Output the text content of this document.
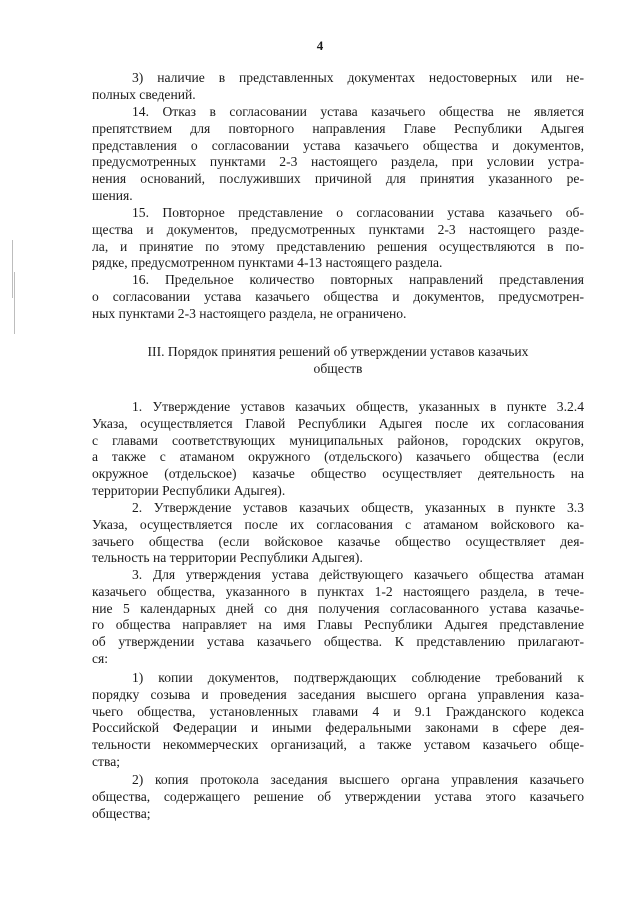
4
3) наличие в представленных документах недостоверных или не-
полных сведений.
14. Отказ в согласовании устава казачьего общества не является
препятствием для повторного направления Главе Республики Адыгея
представления о согласовании устава казачьего общества и документов,
предусмотренных пунктами 2-3 настоящего раздела, при условии устра-
нения оснований, послуживших причиной для принятия указанного ре-
шения.
15. Повторное представление о согласовании устава казачьего об-
щества и документов, предусмотренных пунктами 2-3 настоящего разде-
ла, и принятие по этому представлению решения осуществляются в по-
рядке, предусмотренном пунктами 4-13 настоящего раздела.
16. Предельное количество повторных направлений представления
о согласовании устава казачьего общества и документов, предусмотрен-
ных пунктами 2-3 настоящего раздела, не ограничено.
III. Порядок принятия решений об утверждении уставов казачьих
обществ
1. Утверждение уставов казачьих обществ, указанных в пункте 3.2.4
Указа, осуществляется Главой Республики Адыгея после их согласования
с главами соответствующих муниципальных районов, городских округов,
а также с атаманом окружного (отдельского) казачьего общества (если
окружное (отдельское) казачье общество осуществляет деятельность на
территории Республики Адыгея).
2. Утверждение уставов казачьих обществ, указанных в пункте 3.3
Указа, осуществляется после их согласования с атаманом войскового ка-
зачьего общества (если войсковое казачье общество осуществляет дея-
тельность на территории Республики Адыгея).
3. Для утверждения устава действующего казачьего общества атаман
казачьего общества, указанного в пунктах 1-2 настоящего раздела, в тече-
ние 5 календарных дней со дня получения согласованного устава казачье-
го общества направляет на имя Главы Республики Адыгея представление
об утверждении устава казачьего общества. К представлению прилагают-
ся:
1) копии документов, подтверждающих соблюдение требований к
порядку созыва и проведения заседания высшего органа управления каза-
чьего общества, установленных главами 4 и 9.1 Гражданского кодекса
Российской Федерации и иными федеральными законами в сфере дея-
тельности некоммерческих организаций, а также уставом казачьего обще-
ства;
2) копия протокола заседания высшего органа управления казачьего
общества, содержащего решение об утверждении устава этого казачьего
общества;
